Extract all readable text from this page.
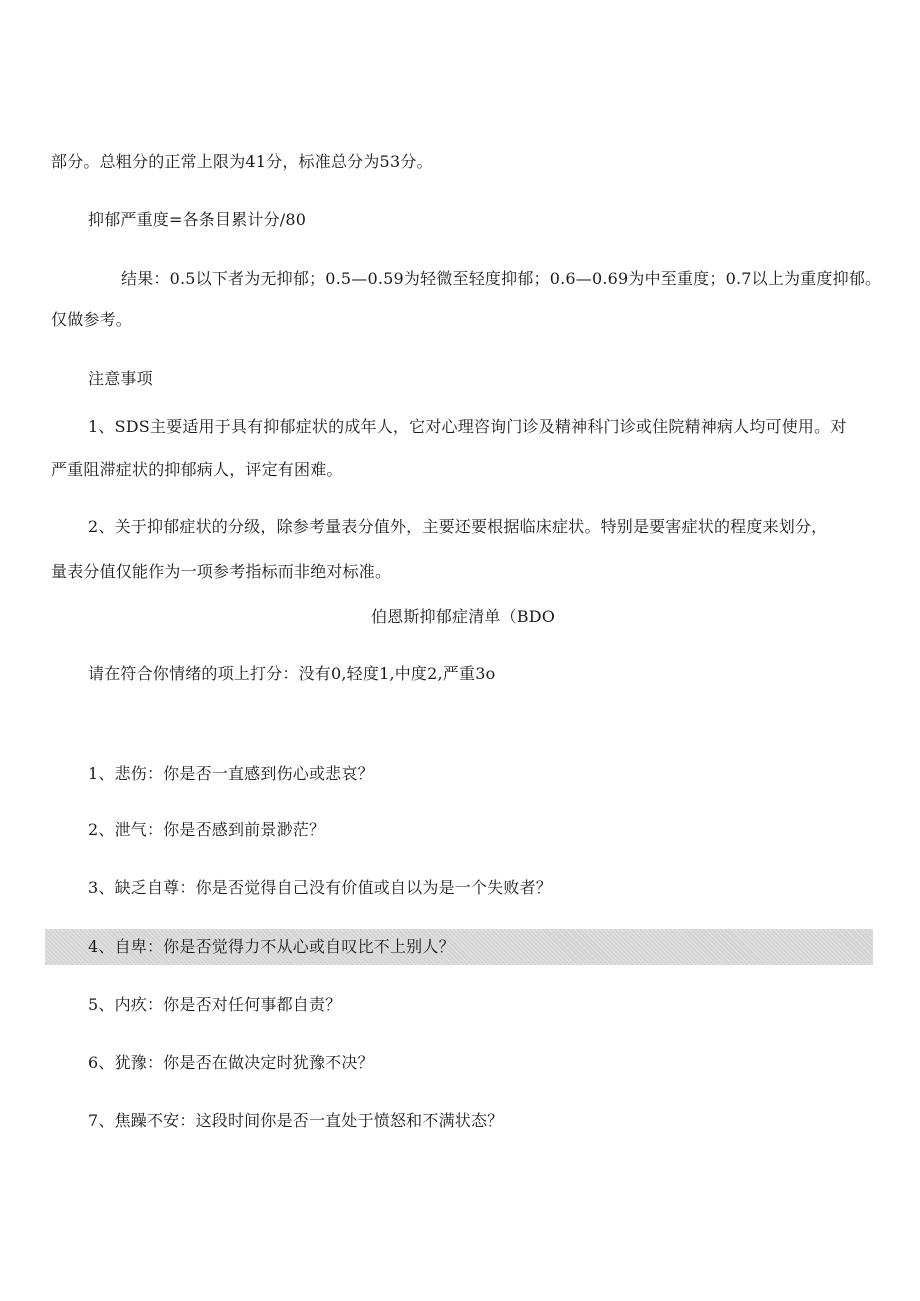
部分。总粗分的正常上限为41分，标准总分为53分。
抑郁严重度=各条目累计分/80
结果：0.5以下者为无抑郁；0.5—0.59为轻微至轻度抑郁；0.6—0.69为中至重度；0.7以上为重度抑郁。
仅做参考。
注意事项
1、SDS主要适用于具有抑郁症状的成年人，它对心理咨询门诊及精神科门诊或住院精神病人均可使用。对
严重阻滞症状的抑郁病人，评定有困难。
2、关于抑郁症状的分级，除参考量表分值外，主要还要根据临床症状。特别是要害症状的程度来划分，
量表分值仅能作为一项参考指标而非绝对标准。
伯恩斯抑郁症清单（BDO
请在符合你情绪的项上打分：没有0,轻度1,中度2,严重3o
1、悲伤：你是否一直感到伤心或悲哀？
2、泄气：你是否感到前景渺茫？
3、缺乏自尊：你是否觉得自己没有价值或自以为是一个失败者？
4、自卑：你是否觉得力不从心或自叹比不上别人？
5、内疚：你是否对任何事都自责？
6、犹豫：你是否在做决定时犹豫不决？
7、焦躁不安：这段时间你是否一直处于愤怒和不满状态？
